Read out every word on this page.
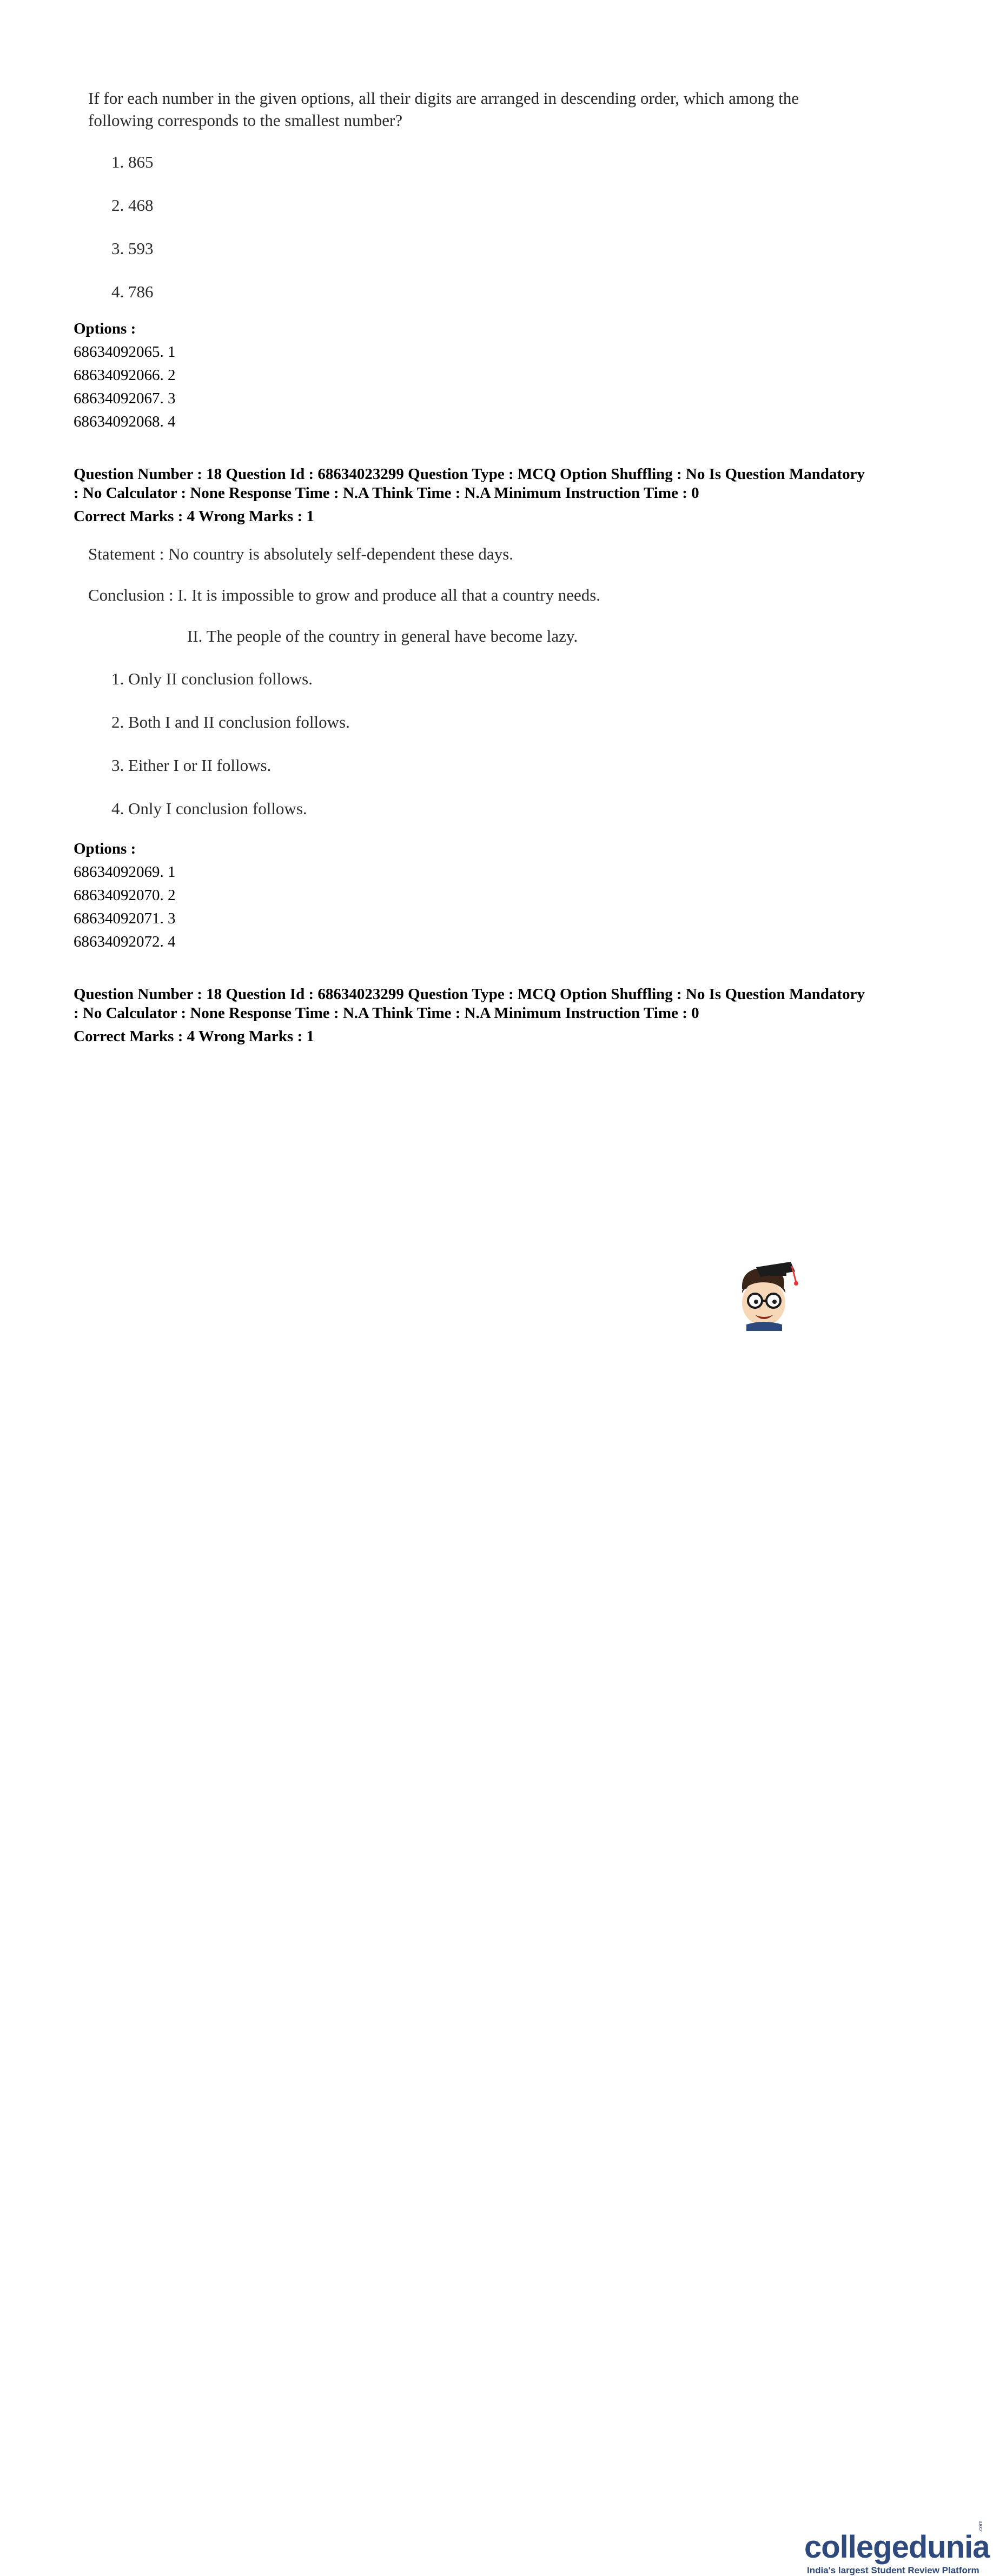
If for each number in the given options, all their digits are arranged in descending order, which among the
following corresponds to the smallest number?
1. 865
2. 468
3. 593
4. 786
Options :
68634092065. 1
68634092066. 2
68634092067. 3
68634092068. 4
Question Number : 18 Question Id : 68634023299 Question Type : MCQ Option Shuffling : No Is Question Mandatory
: No Calculator : None Response Time : N.A Think Time : N.A Minimum Instruction Time : 0
Correct Marks : 4 Wrong Marks : 1
Statement : No country is absolutely self-dependent these days.
Conclusion : I. It is impossible to grow and produce all that a country needs.
II. The people of the country in general have become lazy.
1. Only II conclusion follows.
2. Both I and II conclusion follows.
3. Either I or II follows.
4. Only I conclusion follows.
Options :
68634092069. 1
68634092070. 2
68634092071. 3
68634092072. 4
Question Number : 18 Question Id : 68634023299 Question Type : MCQ Option Shuffling : No Is Question Mandatory
: No Calculator : None Response Time : N.A Think Time : N.A Minimum Instruction Time : 0
Correct Marks : 4 Wrong Marks : 1
collegedunia
.com
India's largest Student Review Platform
